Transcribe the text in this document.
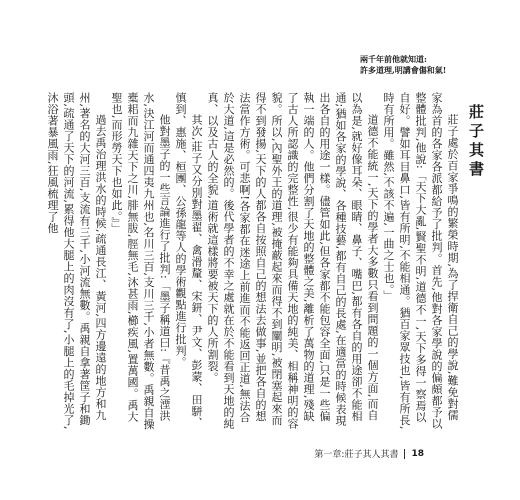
兩千年前他就知道:
許多道理,明講會傷和氣!
莊子其書

莊子處於百家爭鳴的繁榮時期,為了捍衛自己的學說,難免對儒家為首的各家各派都給予了批判。首先,他對各家學說的偏頗都予以整體批判,他說:「天下大亂,賢聖不明,道德不一,天下多得一察焉以自好。譬如耳目鼻口,皆有所明,不能相通。猶百家眾技也,皆有所長,時有所用。雖然,不該不遍,一曲之士也。」

道德不能統一,天下的學者大多數只看到問題的一個方面,而自以為是,就好像耳朵、眼睛、鼻子、嘴巴,都有各自的用途卻不能相通;猶如各家的學說、各種技藝,都有自己的長處,在適當的時候表現出各自的用途一樣。儘管如此,但各家都不能包容全面,只是一些偏執一端的人。他們分割了天地的整體之美,離析了萬物的道理,殘缺了古人所認識的完整性,很少有能夠具備天地的純美、相稱神明的容貌。所以,內聖外王的道理,被掩蔽起來而得不到闡明,被閉塞起來而得不到發揚,天下的人都各自按照自己的想法去做事,並把各自的想法當作方術。可悲啊!各家都在迷途上前進而不能返回正道,無法合於大道,這是必然的。後代學者的不幸之處就在於不能看到天地的純真、以及古人的全貌,道術就這樣將要被天下的人所割裂。

其次,莊子又分別對墨翟、禽滑釐、宋鈃、尹文、彭蒙、田駢、慎到、惠施、桓團、公孫龍等人的學術觀點進行批判。

他對墨子的一些言論進行了批判:「墨子稱道曰:『昔禹之湮洪水,決江河而通四夷九州也,名川三百,支川三千,小者無數。禹親自操橐耜而九雜天下之川,腓無胈,脛無毛,沐甚雨,櫛疾風,置萬國。禹大聖也,而形勞天下也如此。』」

過去禹治理洪水的時候,疏通長江、黃河,四方邊遠的地方和九州,著名的大河三百,支流有三千,小河流無數。禹親自拿著筐子和鋤頭,疏通了天下的河流,累得他大腿上的肉沒有了,小腿上的毛掉光了,沐浴著暴風雨,狂風梳理了他

第一章:莊子其人其書 18
